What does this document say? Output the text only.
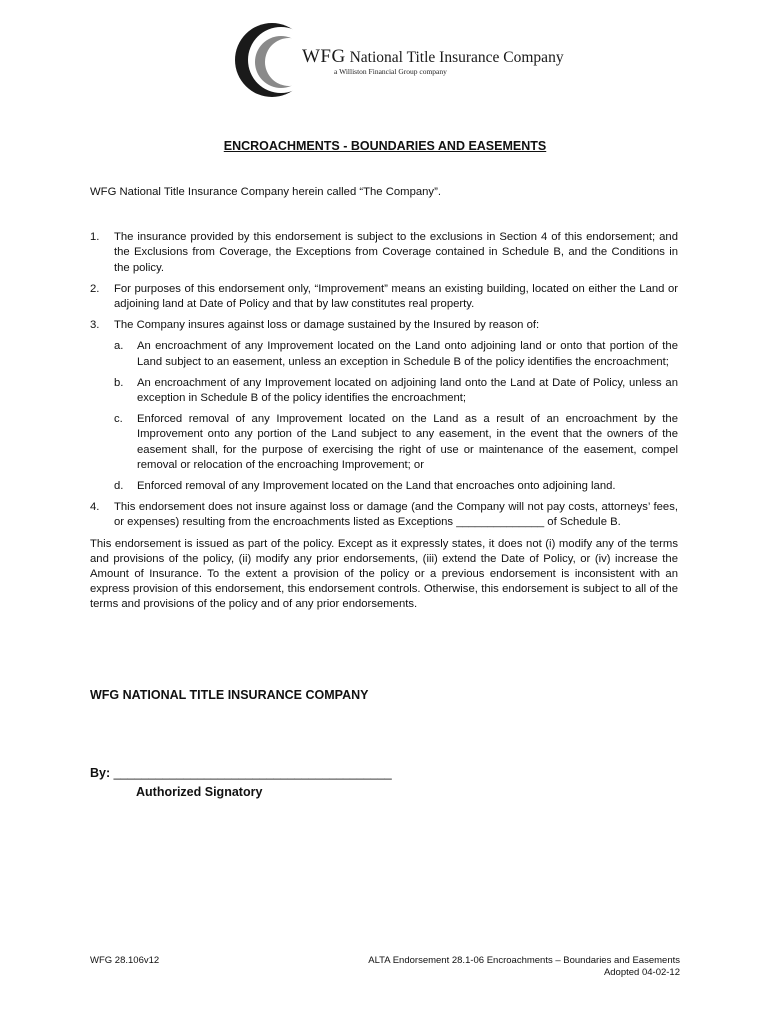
WFG National Title Insurance Company
a Williston Financial Group company
ENCROACHMENTS - BOUNDARIES AND EASEMENTS

WFG National Title Insurance Company herein called “The Company”.

1. The insurance provided by this endorsement is subject to the exclusions in Section 4 of this endorsement; and the Exclusions from Coverage, the Exceptions from Coverage contained in Schedule B, and the Conditions in the policy.
2. For purposes of this endorsement only, “Improvement” means an existing building, located on either the Land or adjoining land at Date of Policy and that by law constitutes real property.
3. The Company insures against loss or damage sustained by the Insured by reason of:
a. An encroachment of any Improvement located on the Land onto adjoining land or onto that portion of the Land subject to an easement, unless an exception in Schedule B of the policy identifies the encroachment;
b. An encroachment of any Improvement located on adjoining land onto the Land at Date of Policy, unless an exception in Schedule B of the policy identifies the encroachment;
c. Enforced removal of any Improvement located on the Land as a result of an encroachment by the Improvement onto any portion of the Land subject to any easement, in the event that the owners of the easement shall, for the purpose of exercising the right of use or maintenance of the easement, compel removal or relocation of the encroaching Improvement; or
d. Enforced removal of any Improvement located on the Land that encroaches onto adjoining land.
4. This endorsement does not insure against loss or damage (and the Company will not pay costs, attorneys’ fees, or expenses) resulting from the encroachments listed as Exceptions ______________ of Schedule B.

This endorsement is issued as part of the policy. Except as it expressly states, it does not (i) modify any of the terms and provisions of the policy, (ii) modify any prior endorsements, (iii) extend the Date of Policy, or (iv) increase the Amount of Insurance. To the extent a provision of the policy or a previous endorsement is inconsistent with an express provision of this endorsement, this endorsement controls. Otherwise, this endorsement is subject to all of the terms and provisions of the policy and of any prior endorsements.

WFG NATIONAL TITLE INSURANCE COMPANY
By: ________________________________________
Authorized Signatory
WFG 28.106v12	ALTA Endorsement 28.1-06 Encroachments – Boundaries and Easements
Adopted 04-02-12
